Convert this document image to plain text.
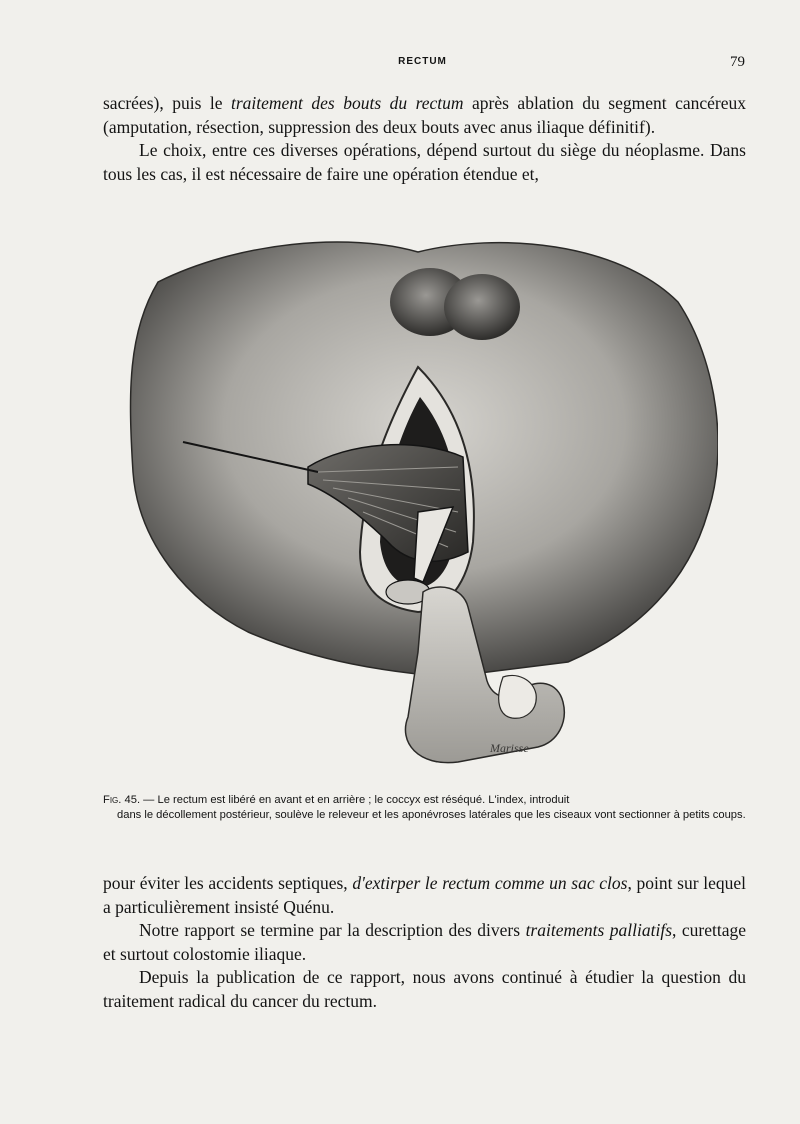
RECTUM	79

sacrées), puis le traitement des bouts du rectum après ablation du segment cancéreux (amputation, résection, suppression des deux bouts avec anus iliaque définitif).

Le choix, entre ces diverses opérations, dépend surtout du siège du néoplasme. Dans tous les cas, il est nécessaire de faire une opération étendue et,

Marisse
Fig. 45. — Le rectum est libéré en avant et en arrière ; le coccyx est réséqué. L'index, introduit
dans le décollement postérieur, soulève le releveur et les aponévroses latérales que les ciseaux vont sectionner à petits coups.

pour éviter les accidents septiques, d'extirper le rectum comme un sac clos, point sur lequel a particulièrement insisté Quénu.

Notre rapport se termine par la description des divers traitements palliatifs, curettage et surtout colostomie iliaque.

Depuis la publication de ce rapport, nous avons continué à étudier la question du traitement radical du cancer du rectum.
